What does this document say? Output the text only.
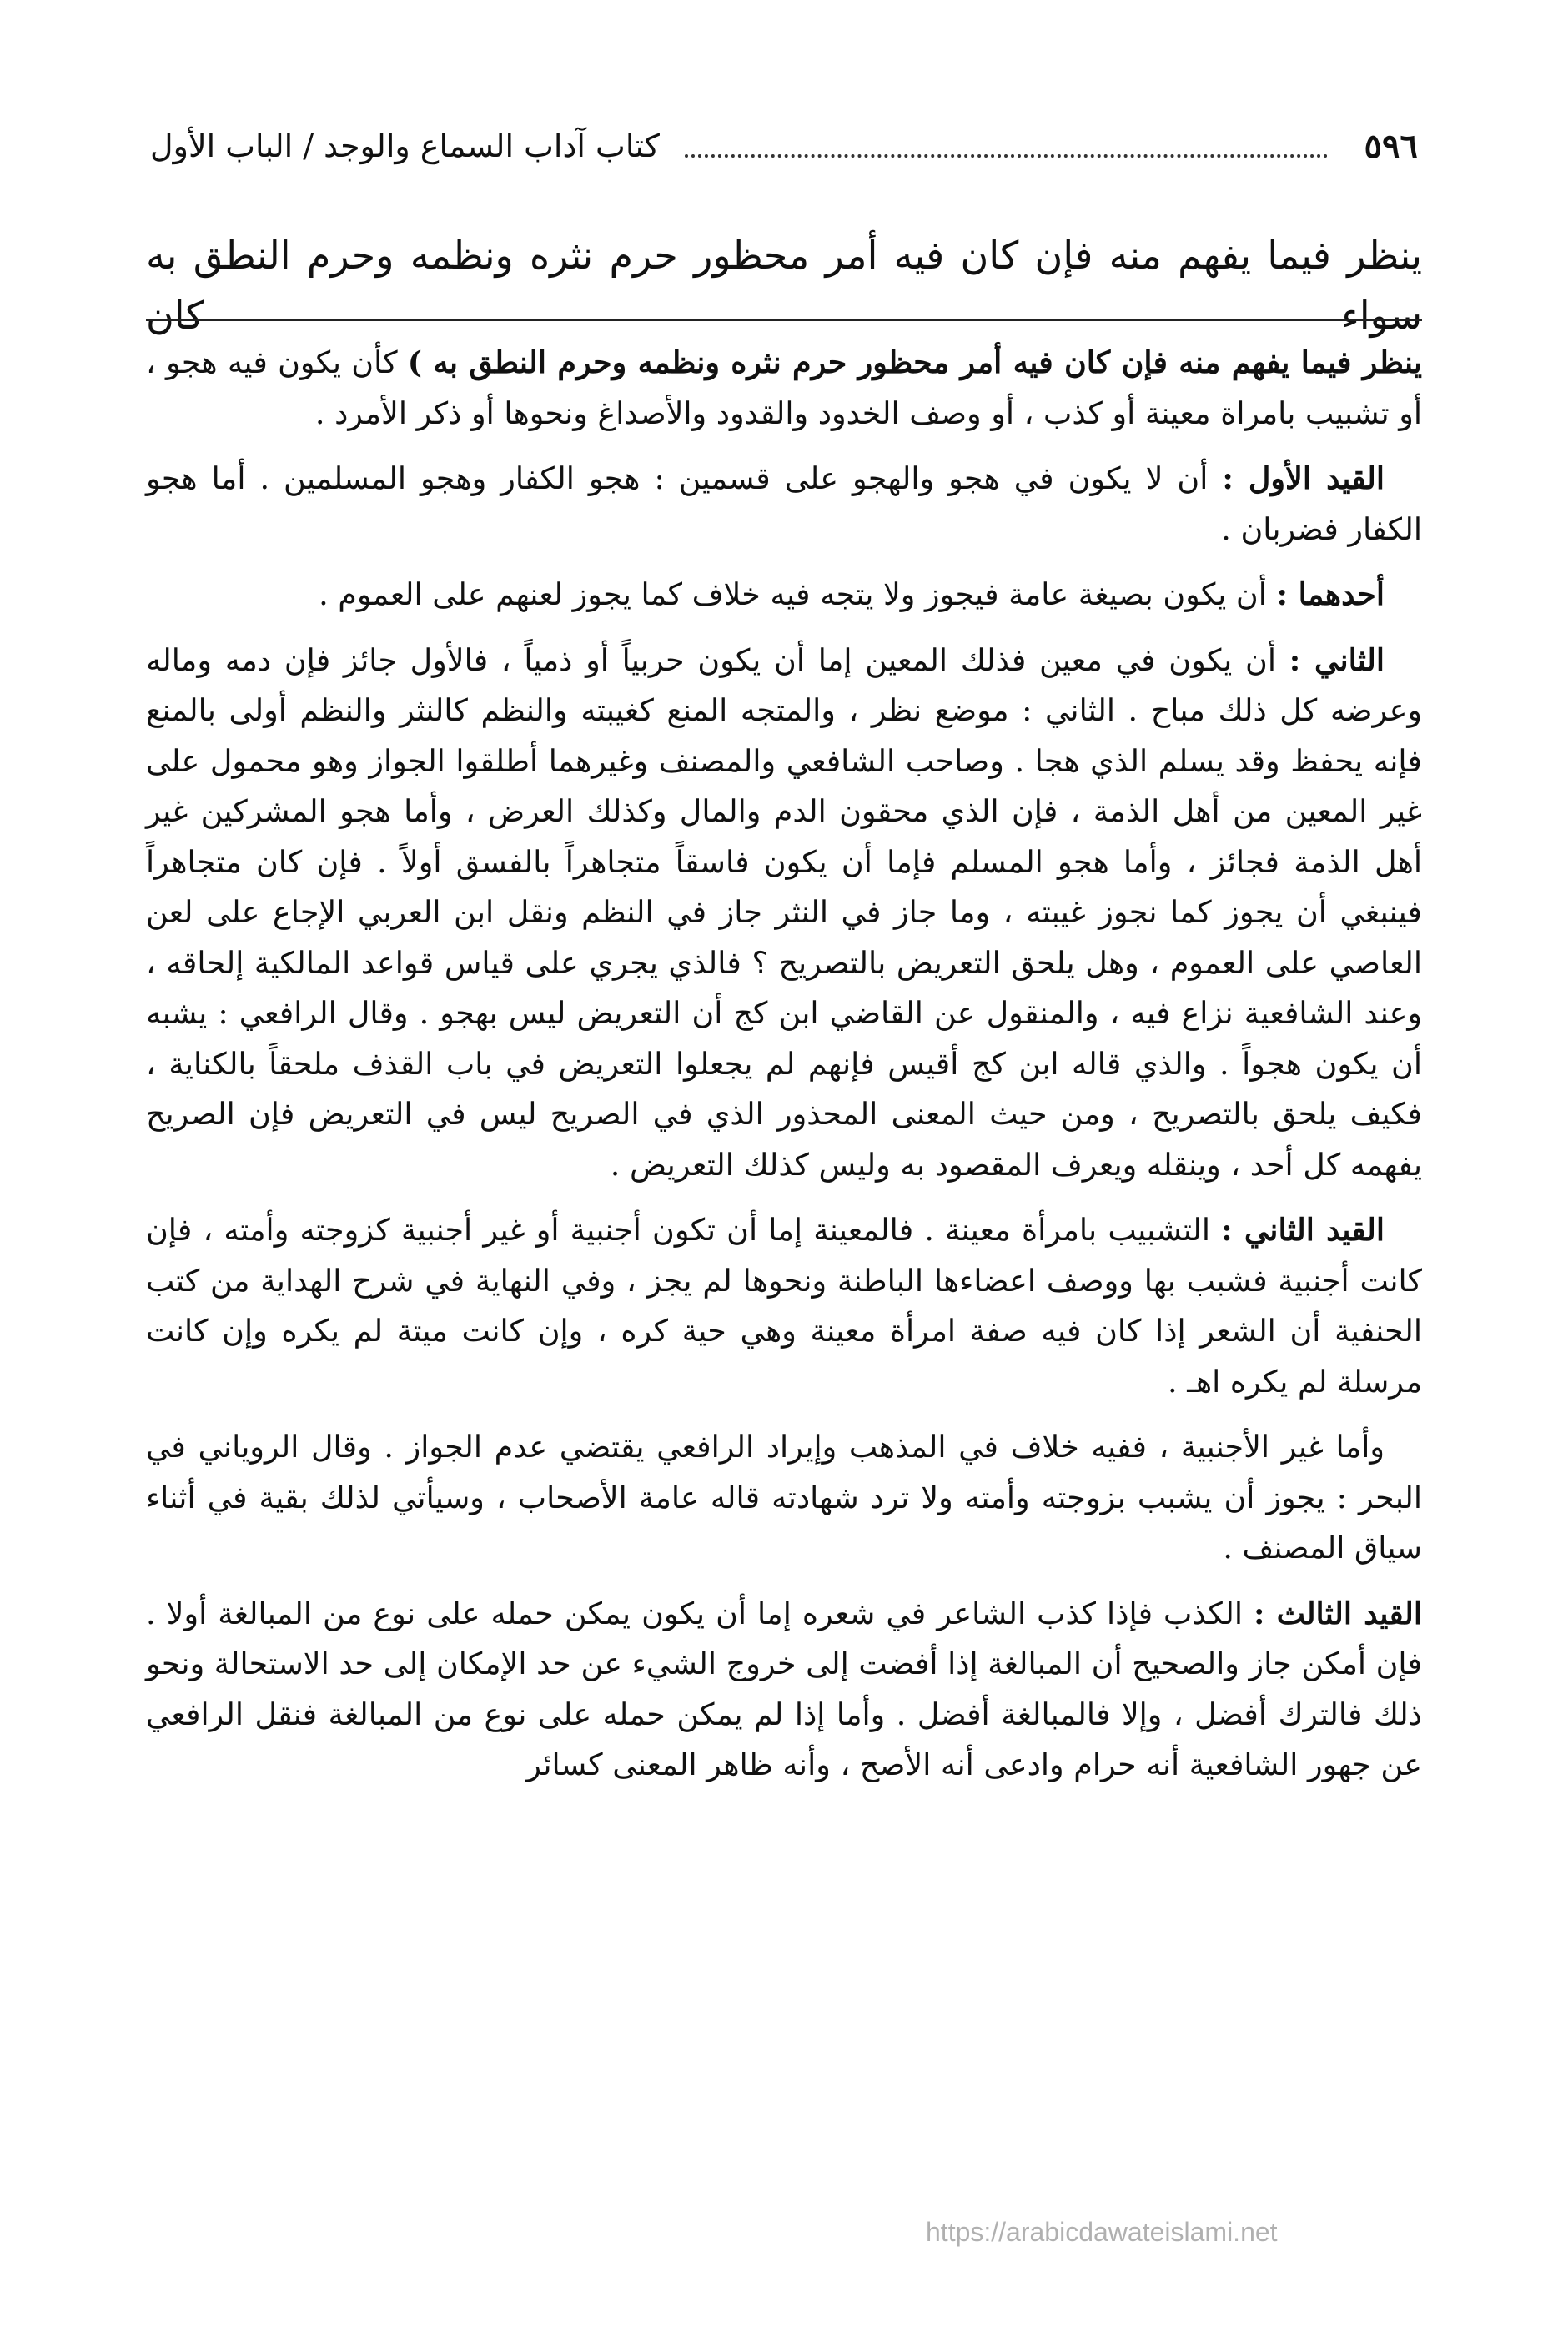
٥٩٦
كتاب آداب السماع والوجد / الباب الأول
ينظر فيما يفهم منه فإن كان فيه أمر محظور حرم نثره ونظمه وحرم النطق به سواء كان

ينظر فيما يفهم منه فإن كان فيه أمر محظور حرم نثره ونظمه وحرم النطق به ) كأن يكون فيه هجو ، أو تشبيب بامراة معينة أو كذب ، أو وصف الخدود والقدود والأصداغ ونحوها أو ذكر الأمرد .

القيد الأول : أن لا يكون في هجو والهجو على قسمين : هجو الكفار وهجو المسلمين . أما هجو الكفار فضربان .

أحدهما : أن يكون بصيغة عامة فيجوز ولا يتجه فيه خلاف كما يجوز لعنهم على العموم .

الثاني : أن يكون في معين فذلك المعين إما أن يكون حربياً أو ذمياً ، فالأول جائز فإن دمه وماله وعرضه كل ذلك مباح . الثاني : موضع نظر ، والمتجه المنع كغيبته والنظم كالنثر والنظم أولى بالمنع فإنه يحفظ وقد يسلم الذي هجا . وصاحب الشافعي والمصنف وغيرهما أطلقوا الجواز وهو محمول على غير المعين من أهل الذمة ، فإن الذي محقون الدم والمال وكذلك العرض ، وأما هجو المشركين غير أهل الذمة فجائز ، وأما هجو المسلم فإما أن يكون فاسقاً متجاهراً بالفسق أولاً . فإن كان متجاهراً فينبغي أن يجوز كما نجوز غيبته ، وما جاز في النثر جاز في النظم ونقل ابن العربي الإجاع على لعن العاصي على العموم ، وهل يلحق التعريض بالتصريح ؟ فالذي يجري على قياس قواعد المالكية إلحاقه ، وعند الشافعية نزاع فيه ، والمنقول عن القاضي ابن كج أن التعريض ليس بهجو . وقال الرافعي : يشبه أن يكون هجواً . والذي قاله ابن كج أقيس فإنهم لم يجعلوا التعريض في باب القذف ملحقاً بالكناية ، فكيف يلحق بالتصريح ، ومن حيث المعنى المحذور الذي في الصريح ليس في التعريض فإن الصريح يفهمه كل أحد ، وينقله ويعرف المقصود به وليس كذلك التعريض .

القيد الثاني : التشبيب بامرأة معينة . فالمعينة إما أن تكون أجنبية أو غير أجنبية كزوجته وأمته ، فإن كانت أجنبية فشبب بها ووصف اعضاءها الباطنة ونحوها لم يجز ، وفي النهاية في شرح الهداية من كتب الحنفية أن الشعر إذا كان فيه صفة امرأة معينة وهي حية كره ، وإن كانت ميتة لم يكره وإن كانت مرسلة لم يكره اهـ .

وأما غير الأجنبية ، ففيه خلاف في المذهب وإيراد الرافعي يقتضي عدم الجواز . وقال الروياني في البحر : يجوز أن يشبب بزوجته وأمته ولا ترد شهادته قاله عامة الأصحاب ، وسيأتي لذلك بقية في أثناء سياق المصنف .

القيد الثالث : الكذب فإذا كذب الشاعر في شعره إما أن يكون يمكن حمله على نوع من المبالغة أولا . فإن أمكن جاز والصحيح أن المبالغة إذا أفضت إلى خروج الشيء عن حد الإمكان إلى حد الاستحالة ونحو ذلك فالترك أفضل ، وإلا فالمبالغة أفضل . وأما إذا لم يمكن حمله على نوع من المبالغة فنقل الرافعي عن جهور الشافعية أنه حرام وادعى أنه الأصح ، وأنه ظاهر المعنى كسائر

https://arabicdawateislami.net
